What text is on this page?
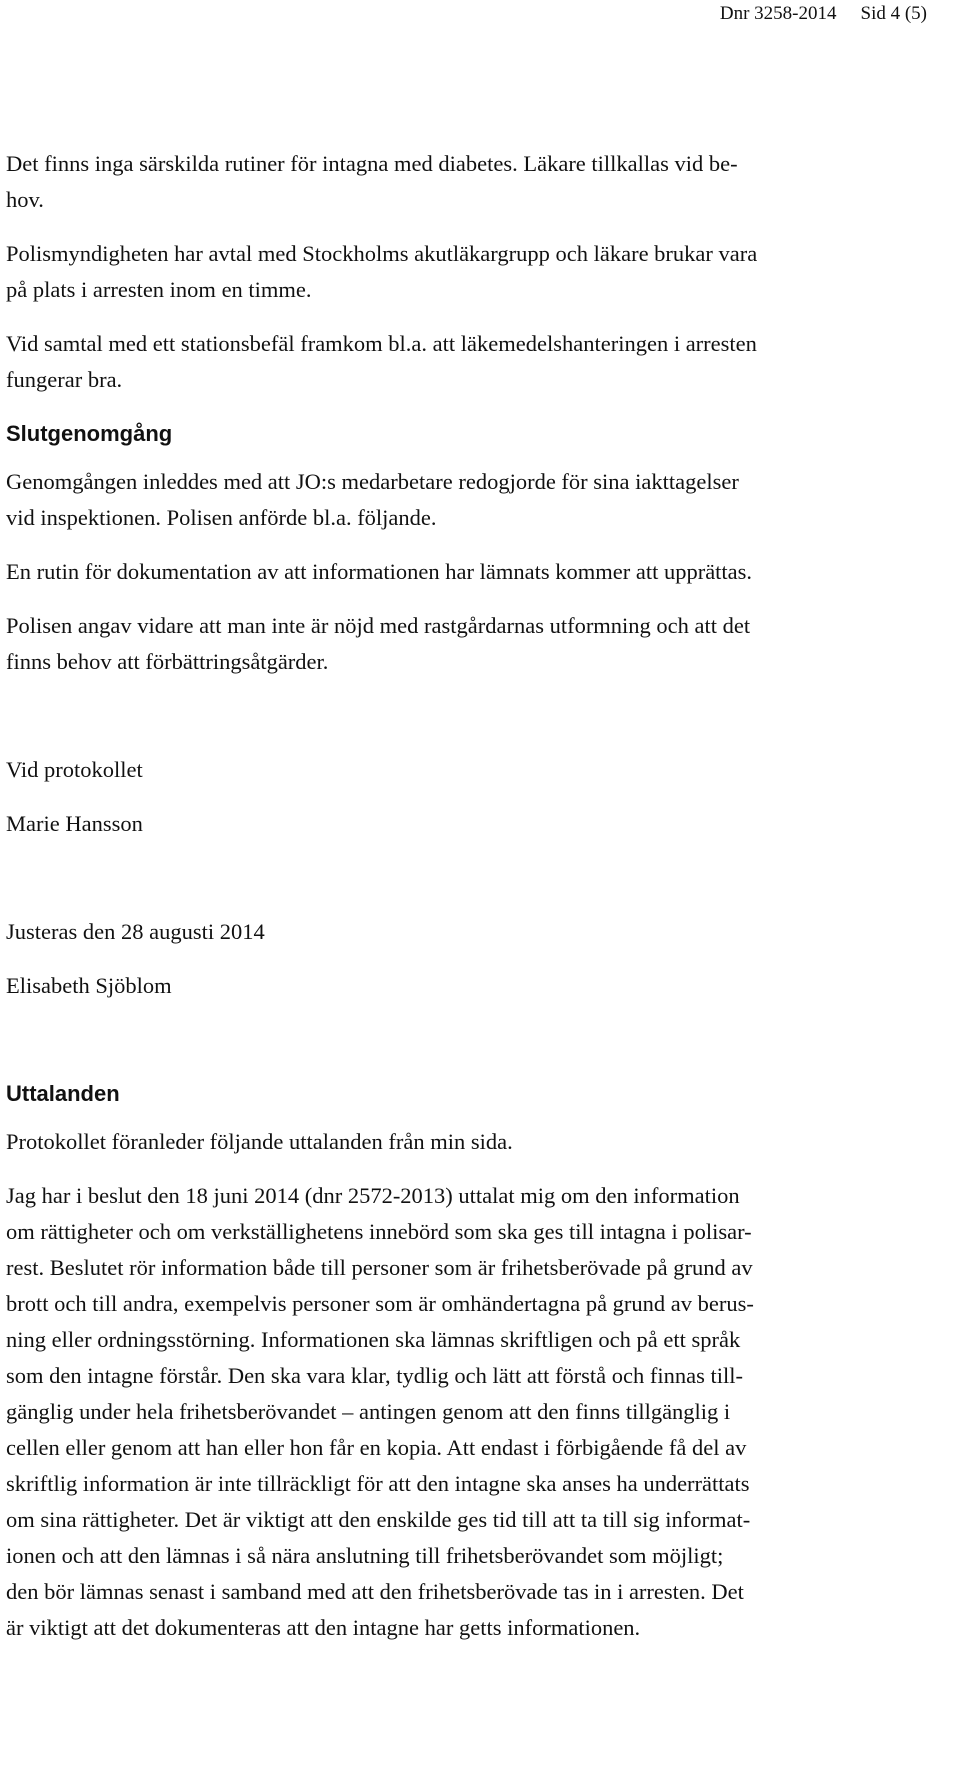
Dnr 3258-2014 Sid 4 (5)
Det finns inga särskilda rutiner för intagna med diabetes. Läkare tillkallas vid be-
hov.
Polismyndigheten har avtal med Stockholms akutläkargrupp och läkare brukar vara
på plats i arresten inom en timme.
Vid samtal med ett stationsbefäl framkom bl.a. att läkemedelshanteringen i arresten
fungerar bra.
Slutgenomgång
Genomgången inleddes med att JO:s medarbetare redogjorde för sina iakttagelser
vid inspektionen. Polisen anförde bl.a. följande.
En rutin för dokumentation av att informationen har lämnats kommer att upprättas.
Polisen angav vidare att man inte är nöjd med rastgårdarnas utformning och att det
finns behov att förbättringsåtgärder.
Vid protokollet
Marie Hansson
Justeras den 28 augusti 2014
Elisabeth Sjöblom
Uttalanden
Protokollet föranleder följande uttalanden från min sida.
Jag har i beslut den 18 juni 2014 (dnr 2572-2013) uttalat mig om den information
om rättigheter och om verkställighetens innebörd som ska ges till intagna i polisar-
rest. Beslutet rör information både till personer som är frihetsberövade på grund av
brott och till andra, exempelvis personer som är omhändertagna på grund av berus-
ning eller ordningsstörning. Informationen ska lämnas skriftligen och på ett språk
som den intagne förstår. Den ska vara klar, tydlig och lätt att förstå och finnas till-
gänglig under hela frihetsberövandet – antingen genom att den finns tillgänglig i
cellen eller genom att han eller hon får en kopia. Att endast i förbigående få del av
skriftlig information är inte tillräckligt för att den intagne ska anses ha underrättats
om sina rättigheter. Det är viktigt att den enskilde ges tid till att ta till sig informat-
ionen och att den lämnas i så nära anslutning till frihetsberövandet som möjligt;
den bör lämnas senast i samband med att den frihetsberövade tas in i arresten. Det
är viktigt att det dokumenteras att den intagne har getts informationen.
